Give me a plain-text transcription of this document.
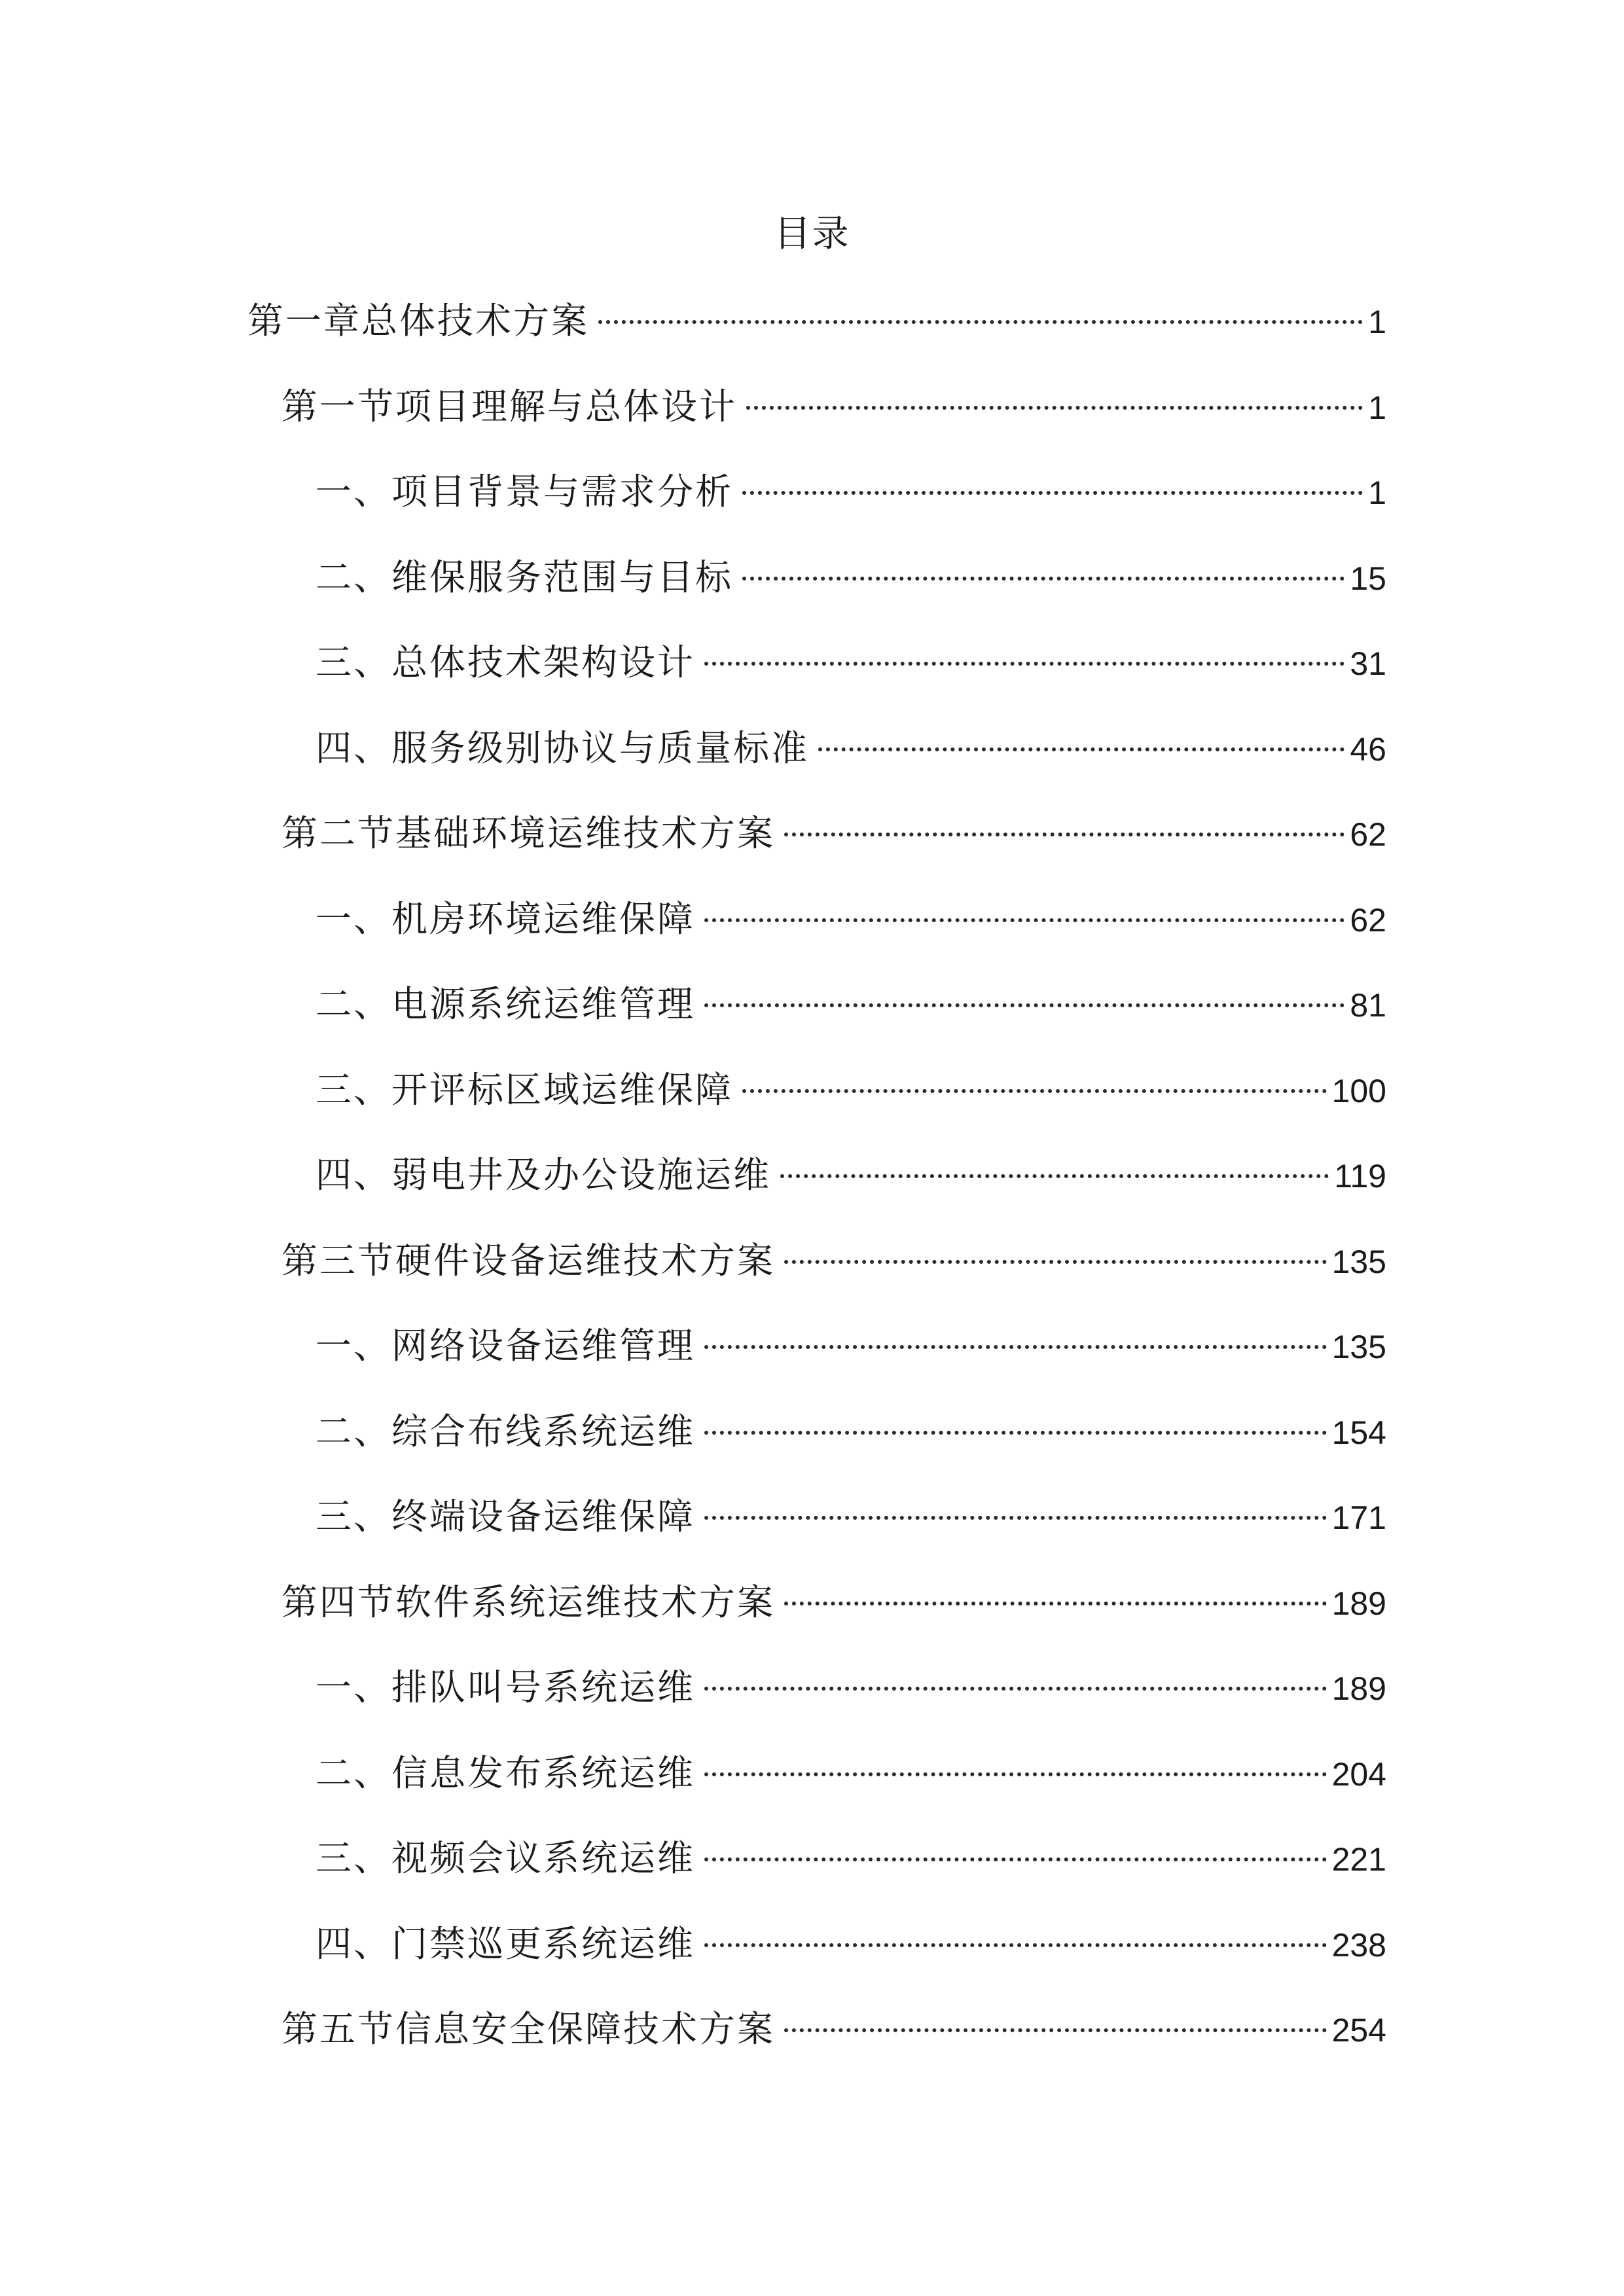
目录
第一章总体技术方案	1
第一节项目理解与总体设计	1
一、项目背景与需求分析	1
二、维保服务范围与目标	15
三、总体技术架构设计	31
四、服务级别协议与质量标准	46
第二节基础环境运维技术方案	62
一、机房环境运维保障	62
二、电源系统运维管理	81
三、开评标区域运维保障	100
四、弱电井及办公设施运维	119
第三节硬件设备运维技术方案	135
一、网络设备运维管理	135
二、综合布线系统运维	154
三、终端设备运维保障	171
第四节软件系统运维技术方案	189
一、排队叫号系统运维	189
二、信息发布系统运维	204
三、视频会议系统运维	221
四、门禁巡更系统运维	238
第五节信息安全保障技术方案	254
